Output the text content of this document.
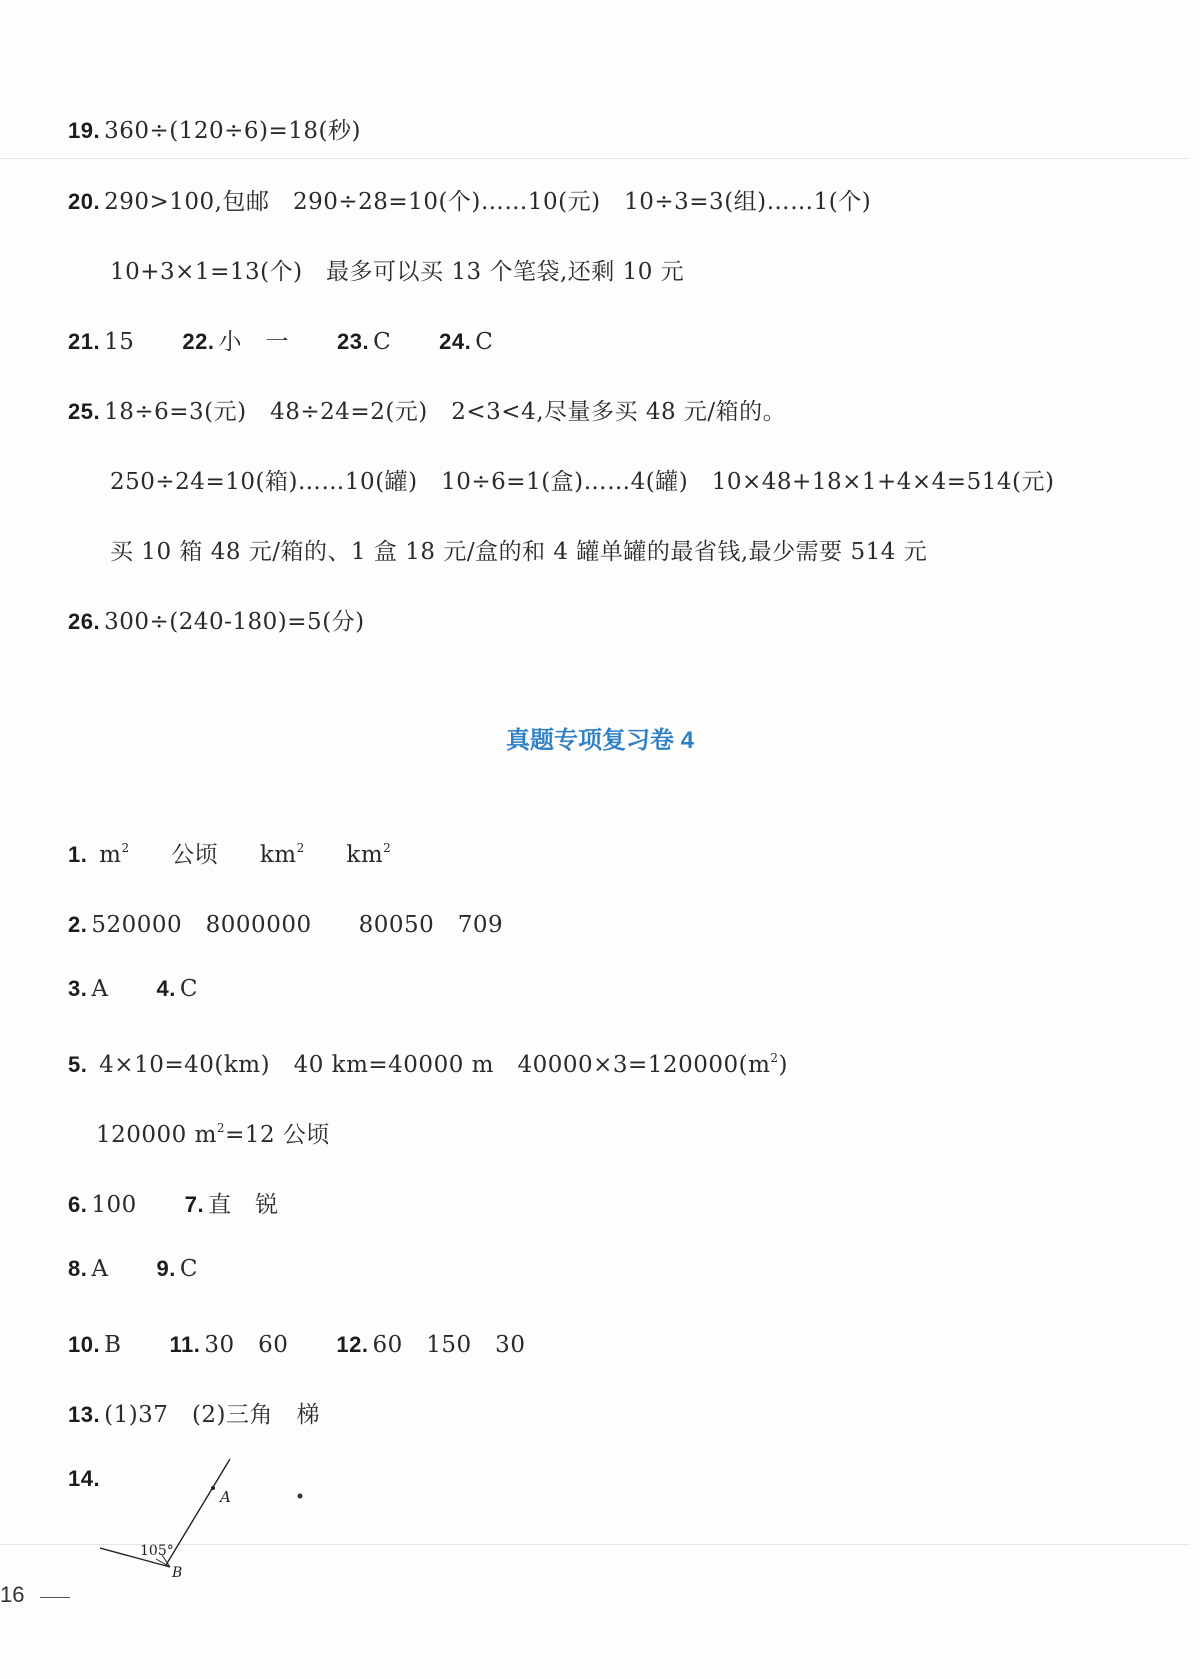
19. 360÷(120÷6)=18(秒)
20. 290>100,包邮　290÷28=10(个)……10(元)　10÷3=3(组)……1(个)
10+3×1=13(个)　最多可以买 13 个笔袋,还剩 10 元
21. 15 22. 小　一 23. C 24. C
25. 18÷6=3(元)　48÷24=2(元)　2<3<4,尽量多买 48 元/箱的。
250÷24=10(箱)……10(罐)　10÷6=1(盒)……4(罐)　10×48+18×1+4×4=514(元)
买 10 箱 48 元/箱的、1 盒 18 元/盒的和 4 罐单罐的最省钱,最少需要 514 元
26. 300÷(240-180)=5(分)
2. 520000　8000000　　80050　709
3. A 4. C
6. 100 7. 直　锐
8. A 9. C
10. B 11. 30　60 12. 60　150　30
13. (1)37　(2)三角　梯
14.
真题专项复习卷 4
1. $m^2$ 公顷 $km^2$ $km^2$
5. 4×10=40(km)　40 km=40000 m　$40000\times 3=120000(m^2)$
120000 $m^2=12$ 公顷
A
105°
B
16
